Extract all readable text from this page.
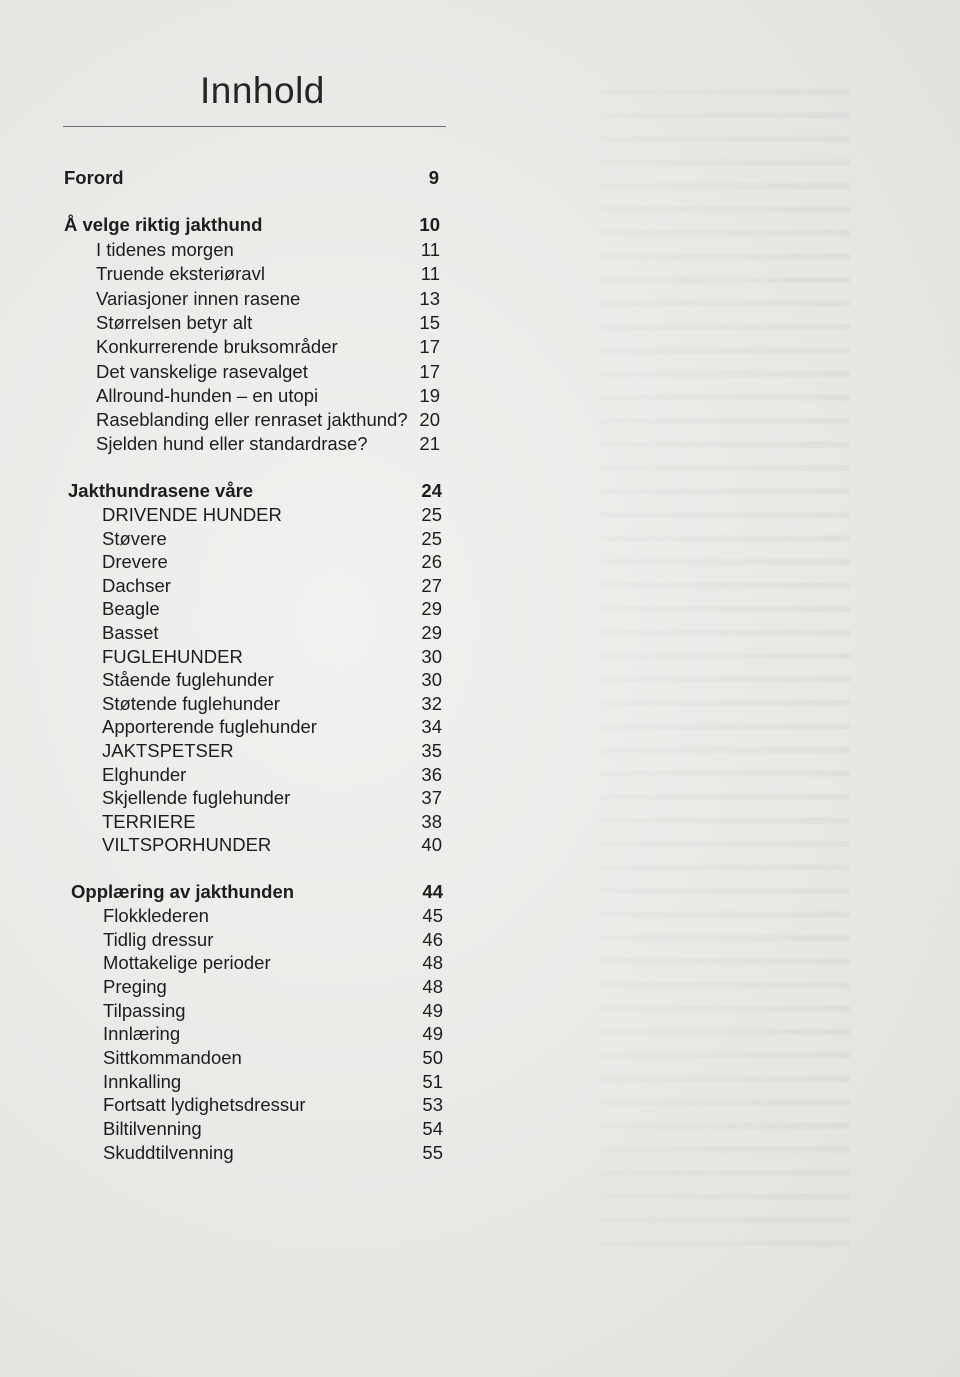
Innhold
Forord	9
Å velge riktig jakthund	10
I tidenes morgen	11
Truende eksteriøravl	11
Variasjoner innen rasene	13
Størrelsen betyr alt	15
Konkurrerende bruksområder	17
Det vanskelige rasevalget	17
Allround-hunden – en utopi	19
Raseblanding eller renraset jakthund? 20
Sjelden hund eller standardrase?	21
Jakthundrasene våre	24
DRIVENDE HUNDER	25
Støvere	25
Drevere	26
Dachser	27
Beagle	29
Basset	29
FUGLEHUNDER	30
Stående fuglehunder	30
Støtende fuglehunder	32
Apporterende fuglehunder	34
JAKTSPETSER	35
Elghunder	36
Skjellende fuglehunder	37
TERRIERE	38
VILTSPORHUNDER	40
Opplæring av jakthunden	44
Flokklederen	45
Tidlig dressur	46
Mottakelige perioder	48
Preging	48
Tilpassing	49
Innlæring	49
Sittkommandoen	50
Innkalling	51
Fortsatt lydighetsdressur	53
Biltilvenning	54
Skuddtilvenning	55
